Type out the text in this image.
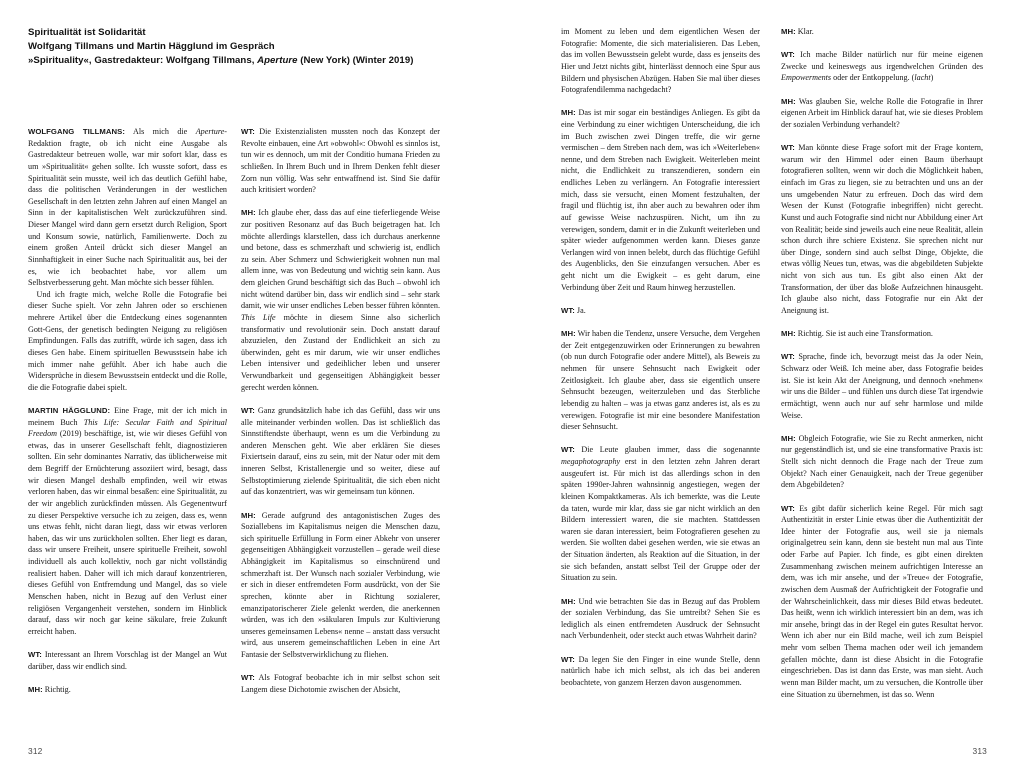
Spiritualität ist Solidarität
Wolfgang Tillmans und Martin Hägglund im Gespräch
»Spirituality«, Gastredakteur: Wolfgang Tillmans, Aperture (New York) (Winter 2019)

WOLFGANG TILLMANS: Als mich die Aperture-Redaktion fragte, ob ich nicht eine Ausgabe als Gastredakteur betreuen wolle, war mir sofort klar, dass es um »Spiritualität« gehen sollte. Ich wusste sofort, dass es Spiritualität sein musste, weil ich das deutlich Gefühl habe, dass die politischen Veränderungen in der westlichen Gesellschaft in den letzten zehn Jahren auf einen Mangel an Sinn in der kapitalistischen Welt zurückzuführen sind. Dieser Mangel wird dann gern ersetzt durch Religion, Sport und Konsum sowie, natürlich, Familienwerte. Doch zu einem großen Anteil drückt sich dieser Mangel an Sinnhaftigkeit in einer Suche nach Spiritualität aus, bei der es, wie ich beobachtet habe, vor allem um Selbstverbesserung geht. Man möchte sich besser fühlen.

Und ich fragte mich, welche Rolle die Fotografie bei dieser Suche spielt. Vor zehn Jahren oder so erschienen mehrere Artikel über die Entdeckung eines sogenannten Gott-Gens, der genetisch bedingten Neigung zu religiösen Empfindungen. Falls das zutrifft, würde ich sagen, dass ich dieses Gen habe. Einem spirituellen Bewusstsein habe ich mich immer nahe gefühlt. Aber ich habe auch die Widersprüche in diesem Bewusstsein entdeckt und die Rolle, die die Fotografie dabei spielt.

MARTIN HÄGGLUND: Eine Frage, mit der ich mich in meinem Buch This Life: Secular Faith and Spiritual Freedom (2019) beschäftige, ist, wie wir dieses Gefühl von etwas, das in unserer Gesellschaft fehlt, diagnostizieren sollten. Ein sehr dominantes Narrativ, das üblicherweise mit dem Begriff der Ernüchterung assoziiert wird, besagt, dass wir diesen Mangel deshalb empfinden, weil wir etwas verloren haben, das wir einmal besaßen: eine Spiritualität, zu der wir angeblich zurückfinden müssen. Als Gegenentwurf zu dieser Perspektive versuche ich zu zeigen, dass es, wenn uns etwas fehlt, nicht daran liegt, dass wir etwas verloren haben, das wir uns zurückholen sollten. Eher liegt es daran, dass wir unsere Freiheit, unsere spirituelle Freiheit, sowohl individuell als auch kollektiv, noch gar nicht vollständig realisiert haben. Daher will ich mich darauf konzentrieren, dieses Gefühl von Entfremdung und Mangel, das so viele Menschen haben, nicht in Bezug auf den Verlust einer religiösen Vergangenheit verstehen, sondern im Hinblick darauf, dass wir noch gar keine säkulare, freie Zukunft erreicht haben.

WT: Interessant an Ihrem Vorschlag ist der Mangel an Wut darüber, dass wir endlich sind.

MH: Richtig.

WT: Die Existenzialisten mussten noch das Konzept der Revolte einbauen, eine Art »obwohl«: Obwohl es sinnlos ist, tun wir es dennoch, um mit der Conditio humana Frieden zu schließen. In Ihrem Buch und in Ihrem Denken fehlt dieser Zorn nun völlig. Was sehr entwaffnend ist. Sind Sie dafür auch kritisiert worden?

MH: Ich glaube eher, dass das auf eine tieferliegende Weise zur positiven Resonanz auf das Buch beigetragen hat. Ich möchte allerdings klarstellen, dass ich durchaus anerkenne und betone, dass es schmerzhaft und schwierig ist, endlich zu sein. Aber Schmerz und Schwierigkeit wohnen nun mal allem inne, was von Bedeutung und wichtig sein kann. Aus dem gleichen Grund beschäftigt sich das Buch – obwohl ich nicht wütend darüber bin, dass wir endlich sind – sehr stark damit, wie wir unser endliches Leben besser führen könnten. This Life möchte in diesem Sinne also sicherlich transformativ und revolutionär sein. Doch anstatt darauf abzuzielen, den Zustand der Endlichkeit an sich zu überwinden, geht es mir darum, wie wir unser endliches Leben intensiver und gedeihlicher leben und unserer Verwundbarkeit und gegenseitigen Abhängigkeit besser gerecht werden können.

WT: Ganz grundsätzlich habe ich das Gefühl, dass wir uns alle miteinander verbinden wollen. Das ist schließlich das Sinnstiftendste überhaupt, wenn es um die Verbindung zu anderen Menschen geht. Wie aber erklären Sie dieses Fixiertsein darauf, eins zu sein, mit der Natur oder mit dem inneren Selbst, Kristallenergie und so weiter, diese auf Selbstoptimierung zielende Spiritualität, die sich eben nicht auf das konzentriert, was wir gemeinsam tun können.

MH: Gerade aufgrund des antagonistischen Zuges des Soziallebens im Kapitalismus neigen die Menschen dazu, sich spirituelle Erfüllung in Form einer Abkehr von unserer gegenseitigen Abhängigkeit vorzustellen – gerade weil diese Abhängigkeit im Kapitalismus so einschnürend und schmerzhaft ist. Der Wunsch nach sozialer Verbindung, wie er sich in dieser entfremdeten Form ausdrückt, von der Sie sprechen, könnte aber in Richtung sozialerer, emanzipatorischerer Ziele gelenkt werden, die anerkennen würden, was ich den »säkularen Impuls zur Kultivierung unseres gemeinsamen Lebens« nenne – anstatt dass versucht wird, aus unserem gemeinschaftlichen Leben in eine Art Fantasie der Selbstverwirklichung zu fliehen.

WT: Als Fotograf beobachte ich in mir selbst schon seit Langem diese Dichotomie zwischen der Absicht,

im Moment zu leben und dem eigentlichen Wesen der Fotografie: Momente, die sich materialisieren. Das Leben, das im vollen Bewusstsein gelebt wurde, dass es jenseits des Hier und Jetzt nichts gibt, hinterlässt dennoch eine Spur aus Bildern und physischen Abzügen. Haben Sie mal über dieses Fotografendilemma nachgedacht?

MH: Das ist mir sogar ein beständiges Anliegen. Es gibt da eine Verbindung zu einer wichtigen Unterscheidung, die ich im Buch zwischen zwei Dingen treffe, die wir gerne vermischen – dem Streben nach dem, was ich »Weiterleben« nenne, und dem Streben nach Ewigkeit. Weiterleben meint nicht, die Endlichkeit zu transzendieren, sondern ein endliches Leben zu verlängern. An Fotografie interessiert mich, dass sie versucht, einen Moment festzuhalten, der fragil und flüchtig ist, ihn aber auch zu bewahren oder ihm auf gewisse Weise nachzuspüren. Nicht, um ihn zu verewigen, sondern, damit er in die Zukunft weiterleben und später wieder aufgenommen werden kann. Dieses ganze Verlangen wird von innen belebt, durch das flüchtige Gefühl des Augenblicks, den Sie einzufangen versuchen. Aber es geht nicht um die Ewigkeit – es geht darum, eine Verbindung über Zeit und Raum hinweg herzustellen.

WT: Ja.

MH: Wir haben die Tendenz, unsere Versuche, dem Vergehen der Zeit entgegenzuwirken oder Erinnerungen zu bewahren (ob nun durch Fotografie oder andere Mittel), als Beweis zu nehmen für unsere Sehnsucht nach Ewigkeit oder Zeitlosigkeit. Ich glaube aber, dass sie eigentlich unsere Sehnsucht bezeugen, weiterzuleben und das Sterbliche lebendig zu halten – was ja etwas ganz anderes ist, als es zu verewigen. Fotografie ist mir eine besondere Manifestation dieser Sehnsucht.

WT: Die Leute glauben immer, dass die sogenannte megaphotography erst in den letzten zehn Jahren derart ausgeufert ist. Für mich ist das allerdings schon in den späten 1990er-Jahren wahnsinnig angestiegen, wegen der kleinen Kompaktkameras. Als ich bemerkte, was die Leute da taten, wurde mir klar, dass sie gar nicht wirklich an den Bildern interessiert waren, die sie machten. Stattdessen waren sie daran interessiert, beim Fotografieren gesehen zu werden. Sie wollten dabei gesehen werden, wie sie etwas an der Situation änderten, als Reaktion auf die Situation, in der sie sich befanden, anstatt selbst Teil der Gruppe oder der Situation zu sein.

MH: Und wie betrachten Sie das in Bezug auf das Problem der sozialen Verbindung, das Sie umtreibt? Sehen Sie es lediglich als einen entfremdeten Ausdruck der Sehnsucht nach Verbundenheit, oder steckt auch etwas Wahrheit darin?

WT: Da legen Sie den Finger in eine wunde Stelle, denn natürlich habe ich mich selbst, als ich das bei anderen beobachtete, von ganzem Herzen davon ausgenommen.

MH: Klar.

WT: Ich mache Bilder natürlich nur für meine eigenen Zwecke und keineswegs aus irgendwelchen Gründen des Empowerments oder der Entkoppelung. (lacht)

MH: Was glauben Sie, welche Rolle die Fotografie in Ihrer eigenen Arbeit im Hinblick darauf hat, wie sie dieses Problem der sozialen Verbindung verhandelt?

WT: Man könnte diese Frage sofort mit der Frage kontern, warum wir den Himmel oder einen Baum überhaupt fotografieren sollten, wenn wir doch die Möglichkeit haben, einfach im Gras zu liegen, sie zu betrachten und uns an der uns umgebenden Natur zu erfreuen. Doch das wird dem Wesen der Kunst (Fotografie inbegriffen) nicht gerecht. Kunst und auch Fotografie sind nicht nur Abbildung einer Art von Realität; beide sind jeweils auch eine neue Realität, allein schon durch ihre schiere Existenz. Sie sprechen nicht nur über Dinge, sondern sind auch selbst Dinge, Objekte, die etwas völlig Neues tun, etwas, was die abgebildeten Subjekte nicht von sich aus tun. Es gibt also einen Akt der Transformation, der über das bloße Aufzeichnen hinausgeht. Ich glaube also nicht, dass Fotografie nur ein Akt der Aneignung ist.

MH: Richtig. Sie ist auch eine Transformation.

WT: Sprache, finde ich, bevorzugt meist das Ja oder Nein, Schwarz oder Weiß. Ich meine aber, dass Fotografie beides ist. Sie ist kein Akt der Aneignung, und dennoch »nehmen« wir uns die Bilder – und fühlen uns durch diese Tat irgendwie ermächtigt, wenn auch nur auf sehr harmlose und milde Weise.

MH: Obgleich Fotografie, wie Sie zu Recht anmerken, nicht nur gegenständlich ist, und sie eine transformative Praxis ist: Stellt sich nicht dennoch die Frage nach der Treue zum Objekt? Nach einer Genauigkeit, nach der Treue gegenüber dem Abgebildeten?

WT: Es gibt dafür sicherlich keine Regel. Für mich sagt Authentizität in erster Linie etwas über die Authentizität der Idee hinter der Fotografie aus, weil sie ja niemals originalgetreu sein kann, denn sie besteht nun mal aus Tinte oder Farbe auf Papier. Ich finde, es gibt einen direkten Zusammenhang zwischen meinem aufrichtigen Interesse an dem, was ich mir ansehe, und der »Treue« der Fotografie, zwischen dem Ausmaß der Aufrichtigkeit der Fotografie und der Wahrscheinlichkeit, dass mir dieses Bild etwas bedeutet. Das heißt, wenn ich wirklich interessiert bin an dem, was ich mir ansehe, bringt das in der Regel ein gutes Resultat hervor. Wenn ich aber nur ein Bild mache, weil ich zum Beispiel mehr vom selben Thema machen oder weil ich jemandem gefallen möchte, dann ist diese Absicht in die Fotografie eingeschrieben. Das ist dann das Erste, was man sieht. Auch wenn man Bilder macht, um zu versuchen, die Kontrolle über eine Situation zu übernehmen, ist das so. Wenn

312	313
